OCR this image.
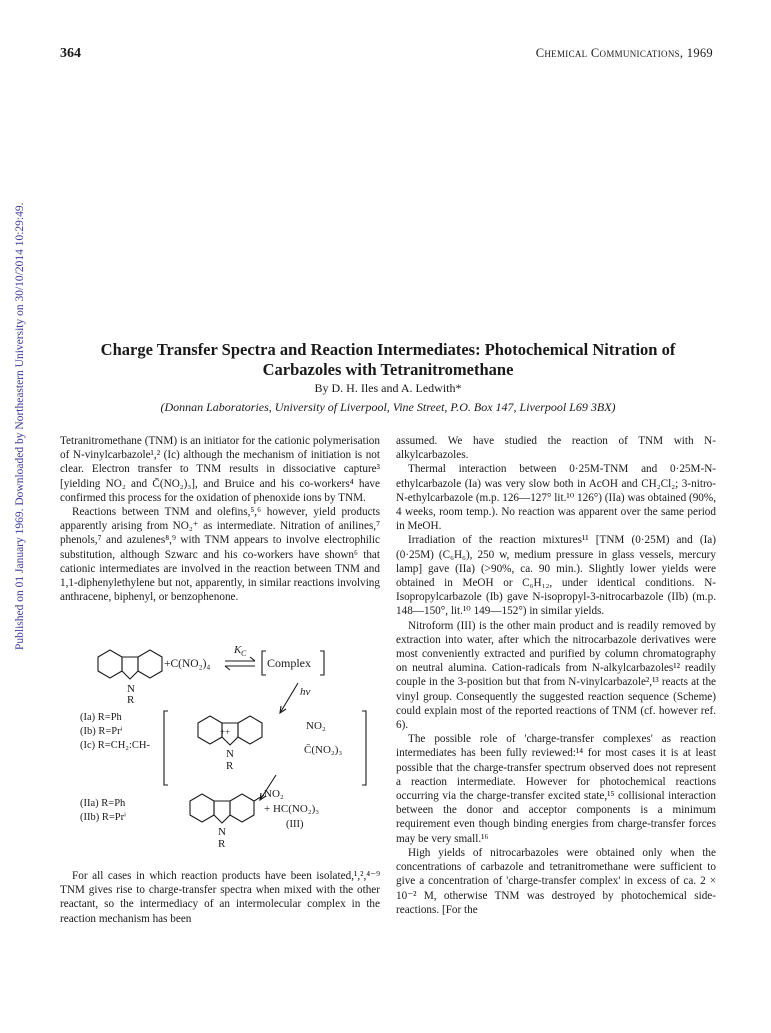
364	Chemical Communications, 1969
Published on 01 January 1969. Downloaded by Northeastern University on 30/10/2014 10:29:49.	Charge Transfer Spectra and Reaction Intermediates: Photochemical Nitration of Carbazoles with Tetranitromethane
By D. H. Iles and A. Ledwith*
(Donnan Laboratories, University of Liverpool, Vine Street, P.O. Box 147, Liverpool L69 3BX)

Tetranitromethane (TNM) is an initiator for the cationic polymerisation of N-vinylcarbazole¹,² (Ic) although the mechanism of initiation is not clear. Electron transfer to TNM results in dissociative capture³ [yielding NO₂ and C̄(NO₂)₃], and Bruice and his co-workers⁴ have confirmed this process for the oxidation of phenoxide ions by TNM.

Reactions between TNM and olefins,⁵,⁶ however, yield products apparently arising from NO₂⁺ as intermediate. Nitration of anilines,⁷ phenols,⁷ and azulenes⁸,⁹ with TNM appears to involve electrophilic substitution, although Szwarc and his co-workers have shown⁶ that cationic intermediates are involved in the reaction between TNM and 1,1-diphenylethylene but not, apparently, in similar reactions involving anthracene, biphenyl, or benzophenone.

N
R
+C(NO₂)₄
K C
Complex
hν
(Ia) R=Ph
(Ib) R=Prⁱ
(Ic) R=CH₂:CH-
NO₂
C̄(NO₂)₃
++
N
R
(IIa) R=Ph
(IIb) R=Prⁱ
NO₂
+ HC(NO₂)₃
(III)
N
R

For all cases in which reaction products have been isolated,¹,²,⁴⁻⁹ TNM gives rise to charge-transfer spectra when mixed with the other reactant, so the intermediacy of an intermolecular complex in the reaction mechanism has been

assumed. We have studied the reaction of TNM with N-alkylcarbazoles.

Thermal interaction between 0·25M-TNM and 0·25M-N-ethylcarbazole (Ia) was very slow both in AcOH and CH₂Cl₂; 3-nitro-N-ethylcarbazole (m.p. 126—127° lit.¹⁰ 126°) (IIa) was obtained (90%, 4 weeks, room temp.). No reaction was apparent over the same period in MeOH.

Irradiation of the reaction mixtures¹¹ [TNM (0·25M) and (Ia) (0·25M) (C₆H₆), 250 w, medium pressure in glass vessels, mercury lamp] gave (IIa) (>90%, ca. 90 min.). Slightly lower yields were obtained in MeOH or C₆H₁₂, under identical conditions. N-Isopropylcarbazole (Ib) gave N-isopropyl-3-nitrocarbazole (IIb) (m.p. 148—150°, lit.¹⁰ 149—152°) in similar yields.

Nitroform (III) is the other main product and is readily removed by extraction into water, after which the nitrocarbazole derivatives were most conveniently extracted and purified by column chromatography on neutral alumina. Cation-radicals from N-alkylcarbazoles¹² readily couple in the 3-position but that from N-vinylcarbazole²,¹³ reacts at the vinyl group. Consequently the suggested reaction sequence (Scheme) could explain most of the reported reactions of TNM (cf. however ref. 6).

The possible role of 'charge-transfer complexes' as reaction intermediates has been fully reviewed:¹⁴ for most cases it is at least possible that the charge-transfer spectrum observed does not represent a reaction intermediate. However for photochemical reactions occurring via the charge-transfer excited state,¹⁵ collisional interaction between the donor and acceptor components is a minimum requirement even though binding energies from charge-transfer forces may be very small.¹⁶

High yields of nitrocarbazoles were obtained only when the concentrations of carbazole and tetranitromethane were sufficient to give a concentration of 'charge-transfer complex' in excess of ca. 2 × 10⁻² M, otherwise TNM was destroyed by photochemical side-reactions. [For the
